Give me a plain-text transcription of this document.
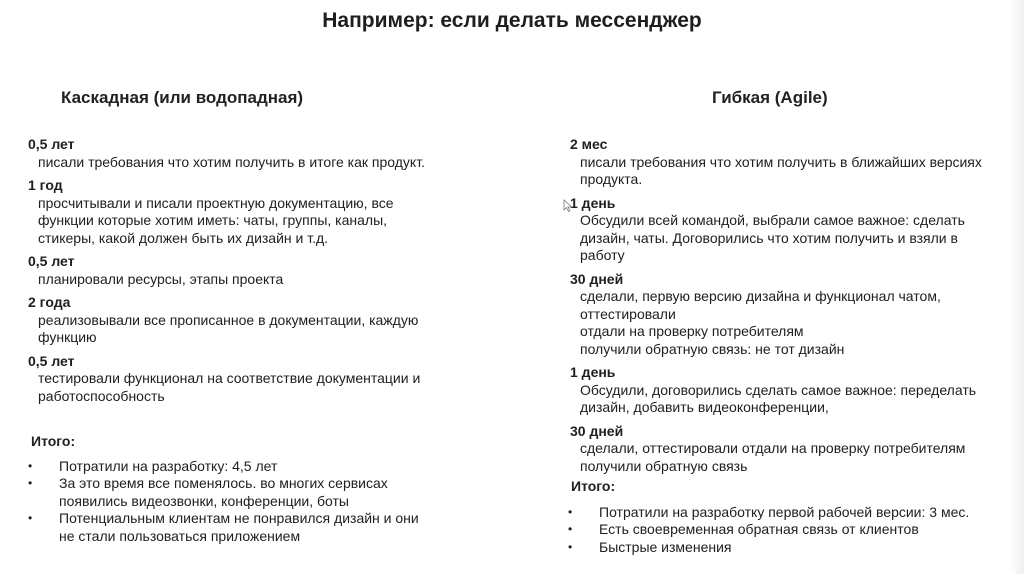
Например: если делать мессенджер
Каскадная (или водопадная)	Гибкая (Agile)
0,5 лет
писали требования что хотим получить в итоге как продукт.
1 год
просчитывали и писали проектную документацию, все
функции которые хотим иметь: чаты, группы, каналы,
стикеры, какой должен быть их дизайн и т.д.
0,5 лет
планировали ресурсы, этапы проекта
2 года
реализовывали все прописанное в документации, каждую
функцию
0,5 лет
тестировали функционал на соответствие документации и
работоспособность
Итого:
• Потратили на разработку: 4,5 лет
• За это время все поменялось. во многих сервисах
появились видеозвонки, конференции, боты
• Потенциальным клиентам не понравился дизайн и они
не стали пользоваться приложением
2 мес
писали требования что хотим получить в ближайших версиях
продукта.
1 день
Обсудили всей командой, выбрали самое важное: сделать
дизайн, чаты. Договорились что хотим получить и взяли в
работу
30 дней
сделали, первую версию дизайна и функционал чатом,
оттестировали
отдали на проверку потребителям
получили обратную связь: не тот дизайн
1 день
Обсудили, договорились сделать самое важное: переделать
дизайн, добавить видеоконференции,
30 дней
сделали, оттестировали отдали на проверку потребителям
получили обратную связь
Итого:
• Потратили на разработку первой рабочей версии: 3 мес.
• Есть своевременная обратная связь от клиентов
• Быстрые изменения
